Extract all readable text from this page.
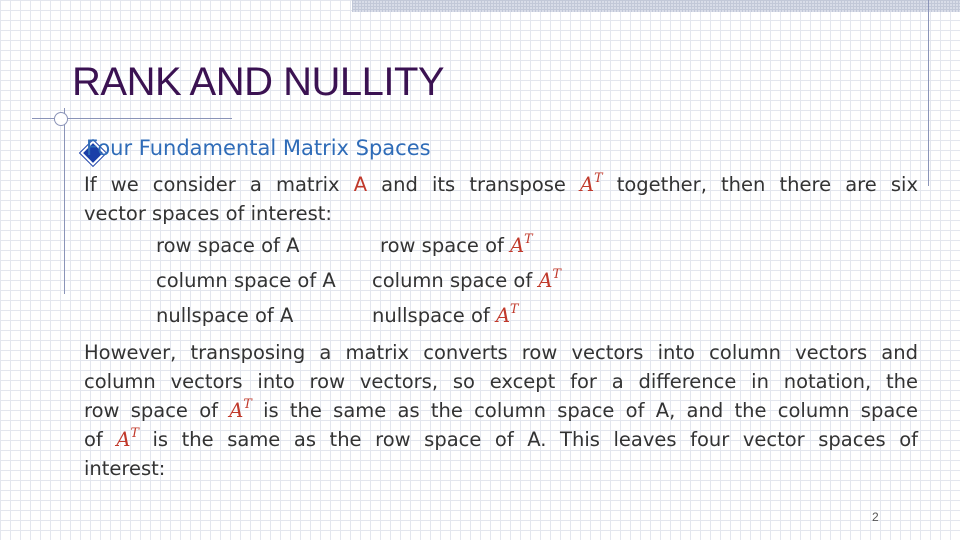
RANK AND NULLITY
Four Fundamental Matrix Spaces

If we consider a matrix A and its transpose $A^T$ together, then there are six
vector spaces of interest:

row space of A	row space of $A^T$
column space of A column space of $A^T$
nullspace of A	nullspace of $A^T$

However, transposing a matrix converts row vectors into column vectors and
column vectors into row vectors, so except for a difference in notation, the
row space of $A^T$ is the same as the column space of A, and the column space
of $A^T$ is the same as the row space of A. This leaves four vector spaces of
interest:

2
